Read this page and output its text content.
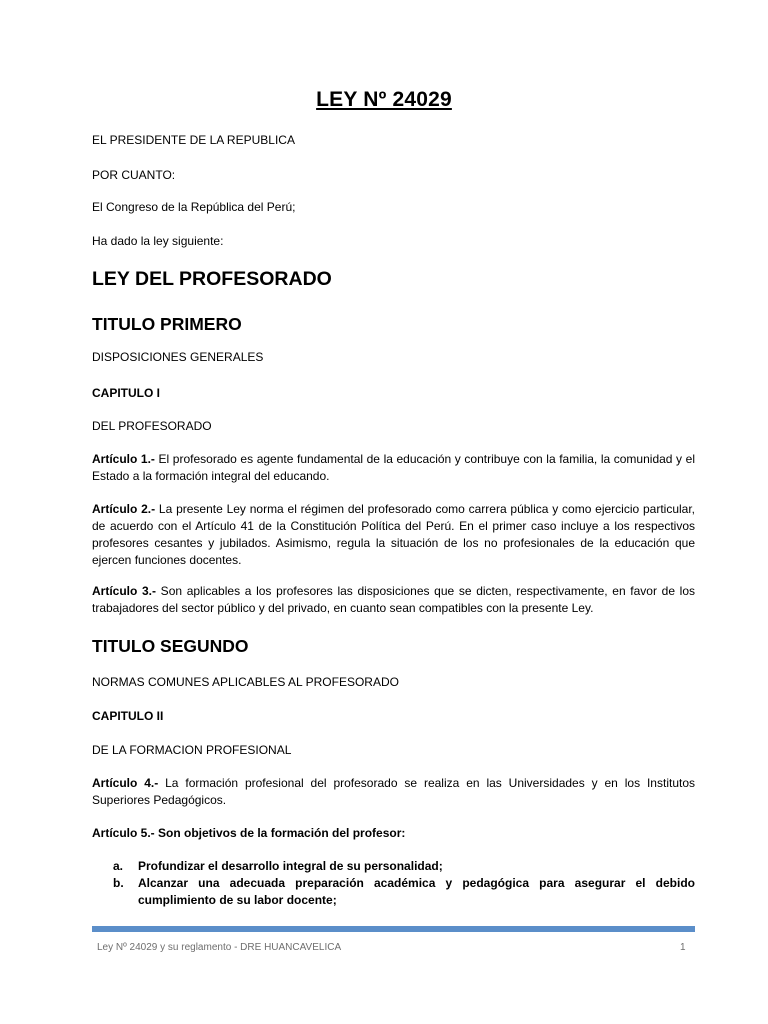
LEY Nº 24029

EL PRESIDENTE DE LA REPUBLICA

POR CUANTO:

El Congreso de la República del Perú;

Ha dado la ley siguiente:

LEY DEL PROFESORADO

TITULO PRIMERO

DISPOSICIONES GENERALES

CAPITULO I

DEL PROFESORADO

Artículo 1.- El profesorado es agente fundamental de la educación y contribuye con la familia, la comunidad y el Estado a la formación integral del educando.

Artículo 2.- La presente Ley norma el régimen del profesorado como carrera pública y como ejercicio particular, de acuerdo con el Artículo 41 de la Constitución Política del Perú. En el primer caso incluye a los respectivos profesores cesantes y jubilados. Asimismo, regula la situación de los no profesionales de la educación que ejercen funciones docentes.

Artículo 3.- Son aplicables a los profesores las disposiciones que se dicten, respectivamente, en favor de los trabajadores del sector público y del privado, en cuanto sean compatibles con la presente Ley.

TITULO SEGUNDO

NORMAS COMUNES APLICABLES AL PROFESORADO

CAPITULO II

DE LA FORMACION PROFESIONAL

Artículo 4.- La formación profesional del profesorado se realiza en las Universidades y en los Institutos Superiores Pedagógicos.

Artículo 5.- Son objetivos de la formación del profesor:

a. Profundizar el desarrollo integral de su personalidad;
b. Alcanzar una adecuada preparación académica y pedagógica para asegurar el debido cumplimiento de su labor docente;
Ley Nº 24029 y su reglamento - DRE HUANCAVELICA	1
